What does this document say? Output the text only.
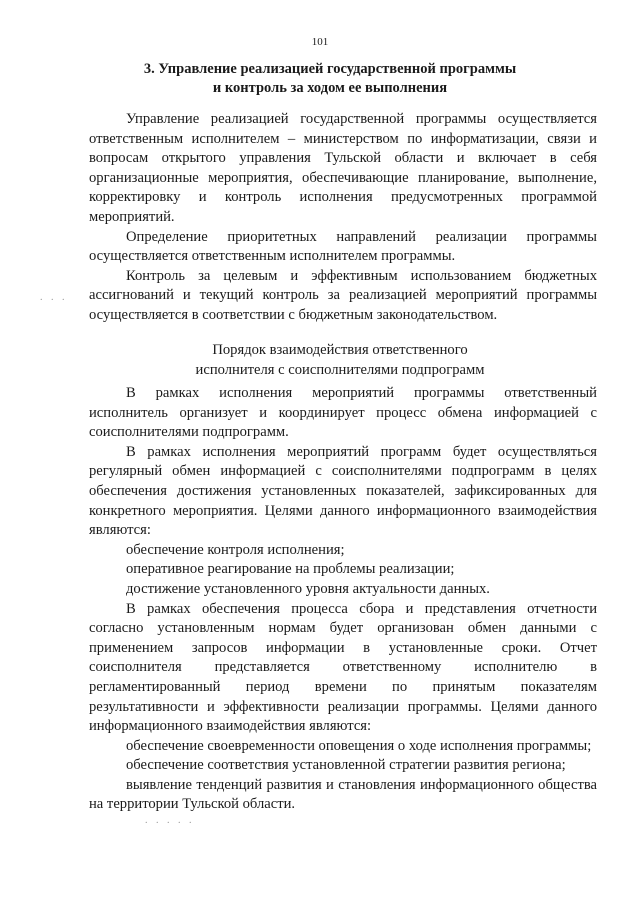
101
3. Управление реализацией государственной программы
и контроль за ходом ее выполнения

Управление реализацией государственной программы осуществляется ответственным исполнителем – министерством по информатизации, связи и вопросам открытого управления Тульской области и включает в себя организационные мероприятия, обеспечивающие планирование, выполнение, корректировку и контроль исполнения предусмотренных программой мероприятий.

Определение приоритетных направлений реализации программы осуществляется ответственным исполнителем программы.

Контроль за целевым и эффективным использованием бюджетных ассигнований и текущий контроль за реализацией мероприятий программы осуществляется в соответствии с бюджетным законодательством.

Порядок взаимодействия ответственного
исполнителя с соисполнителями подпрограмм

В рамках исполнения мероприятий программы ответственный исполнитель организует и координирует процесс обмена информацией с соисполнителями подпрограмм.

В рамках исполнения мероприятий программ будет осуществляться регулярный обмен информацией с соисполнителями подпрограмм в целях обеспечения достижения установленных показателей, зафиксированных для конкретного мероприятия. Целями данного информационного взаимодействия являются:

обеспечение контроля исполнения;

оперативное реагирование на проблемы реализации;

достижение установленного уровня актуальности данных.

В рамках обеспечения процесса сбора и представления отчетности согласно установленным нормам будет организован обмен данными с применением запросов информации в установленные сроки. Отчет соисполнителя представляется ответственному исполнителю в регламентированный период времени по принятым показателям результативности и эффективности реализации программы. Целями данного информационного взаимодействия являются:

обеспечение своевременности оповещения о ходе исполнения программы;

обеспечение соответствия установленной стратегии развития региона;

выявление тенденций развития и становления информационного общества на территории Тульской области.

. . .
. . . . .
